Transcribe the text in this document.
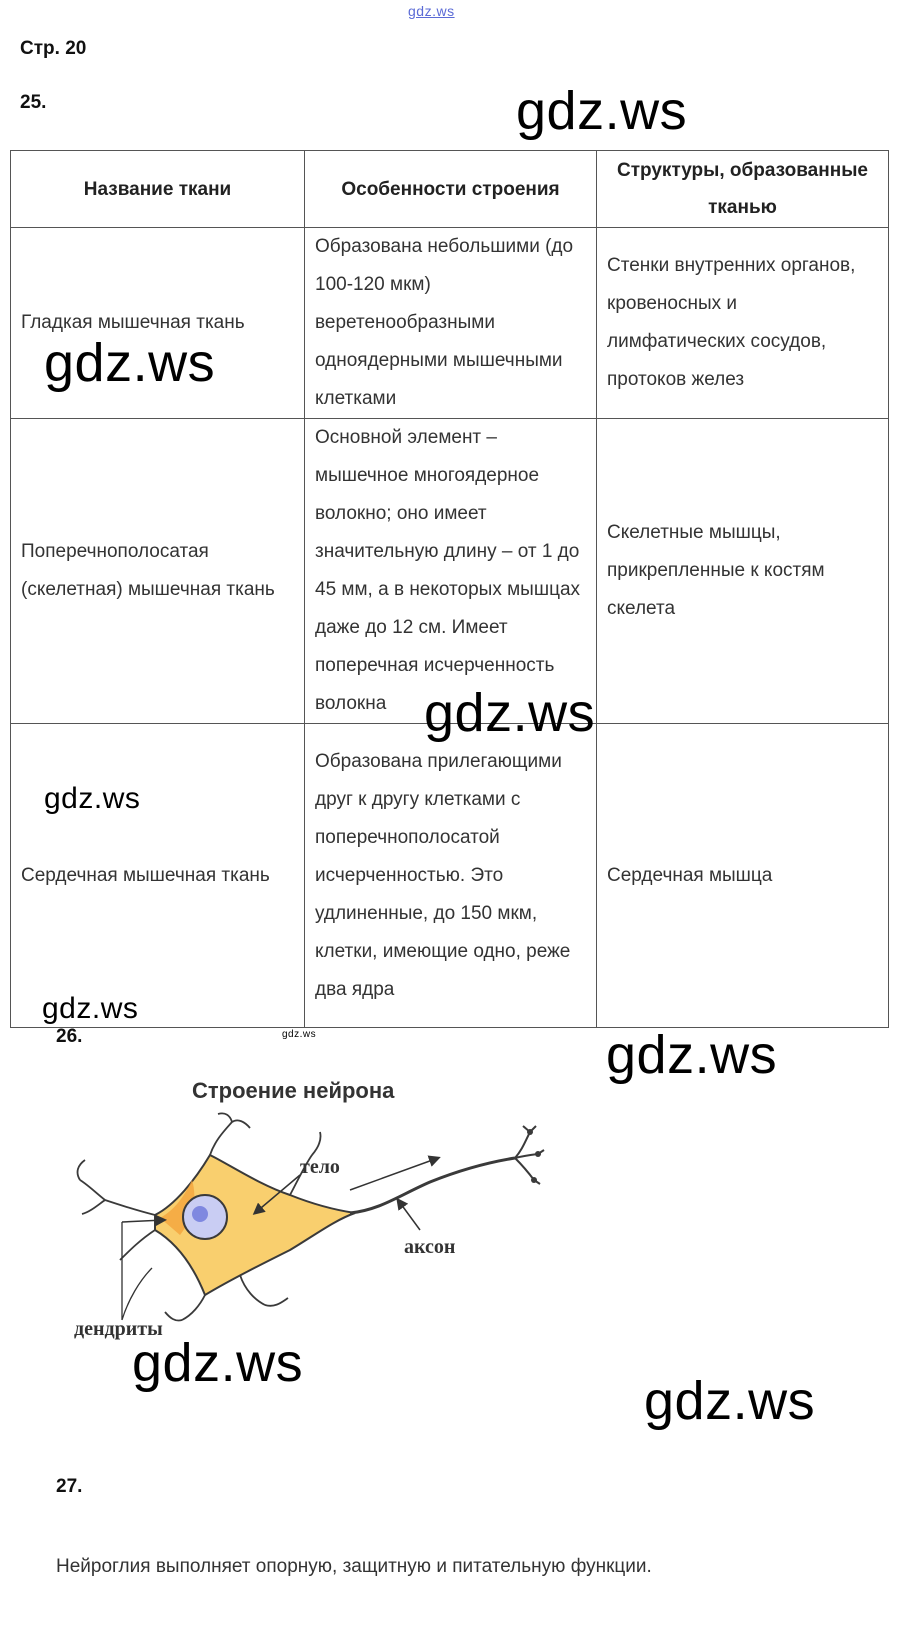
gdz.ws
Стр. 20
25.	gdz.ws
Название ткани	Особенности строения	Структуры, образованные тканью
Гладкая мышечная ткань	Образована небольшими (до 100-120 мкм) веретенообразными одноядерными мышечными клетками	Стенки внутренних органов, кровеносных и лимфатических сосудов, протоков желез
Поперечнополосатая (скелетная) мышечная ткань	Основной элемент – мышечное многоядерное волокно; оно имеет значительную длину – от 1 до 45 мм, а в некоторых мышцах даже до 12 см. Имеет поперечная исчерченность волокна	Скелетные мышцы, прикрепленные к костям скелета
Сердечная мышечная ткань	Образована прилегающими друг к другу клетками с поперечнополосатой исчерченностью. Это удлиненные, до 150 мкм, клетки, имеющие одно, реже два ядра	Сердечная мышца
gdz.ws
gdz.ws
gdz.ws
gdz.ws
26.	gdz.ws	gdz.ws
Строение нейрона
тело
аксон
дендриты
gdz.ws
gdz.ws
27.
Нейроглия выполняет опорную, защитную и питательную функции.
